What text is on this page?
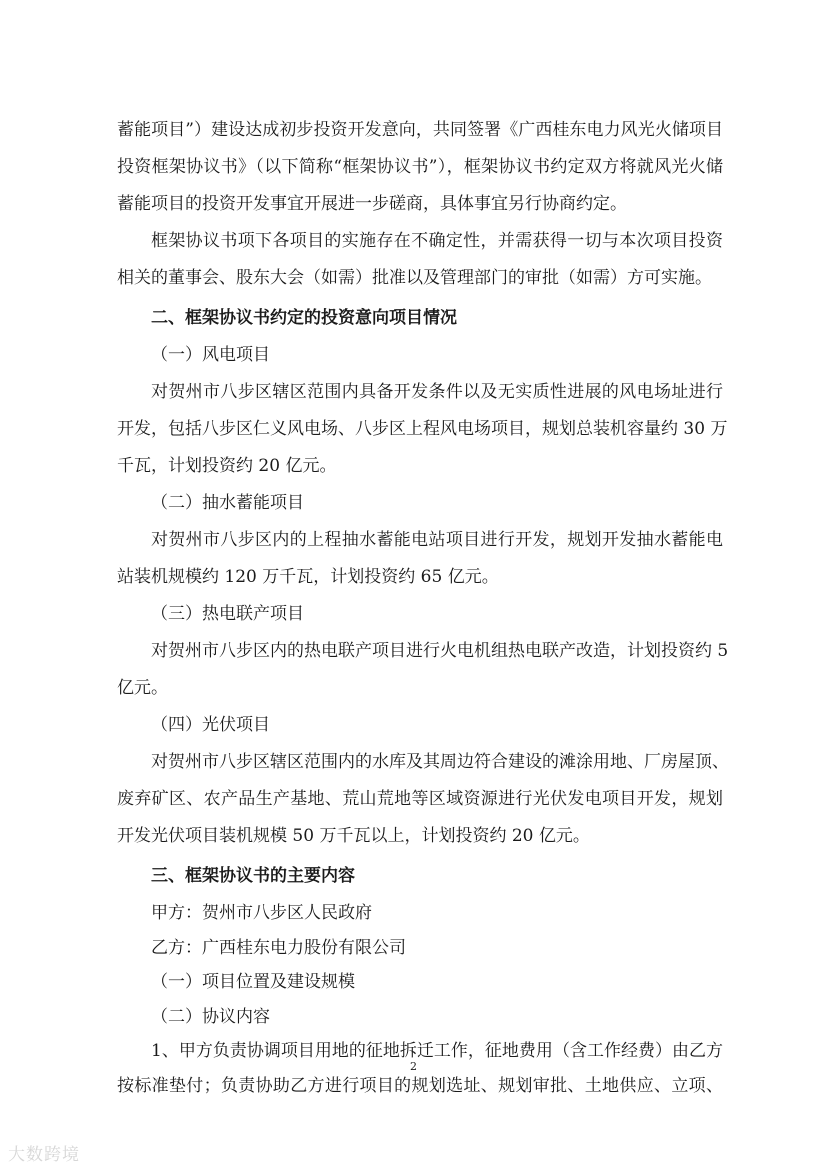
蓄能项目”）建设达成初步投资开发意向，共同签署《广西桂东电力风光火储项目
投资框架协议书》（以下简称“框架协议书”），框架协议书约定双方将就风光火储
蓄能项目的投资开发事宜开展进一步磋商，具体事宜另行协商约定。
框架协议书项下各项目的实施存在不确定性，并需获得一切与本次项目投资
相关的董事会、股东大会（如需）批准以及管理部门的审批（如需）方可实施。
二、框架协议书约定的投资意向项目情况
（一）风电项目
对贺州市八步区辖区范围内具备开发条件以及无实质性进展的风电场址进行
开发，包括八步区仁义风电场、八步区上程风电场项目，规划总装机容量约 30 万
千瓦，计划投资约 20 亿元。
（二）抽水蓄能项目
对贺州市八步区内的上程抽水蓄能电站项目进行开发，规划开发抽水蓄能电
站装机规模约 120 万千瓦，计划投资约 65 亿元。
（三）热电联产项目
对贺州市八步区内的热电联产项目进行火电机组热电联产改造，计划投资约 5
亿元。
（四）光伏项目
对贺州市八步区辖区范围内的水库及其周边符合建设的滩涂用地、厂房屋顶、
废弃矿区、农产品生产基地、荒山荒地等区域资源进行光伏发电项目开发，规划
开发光伏项目装机规模 50 万千瓦以上，计划投资约 20 亿元。
三、框架协议书的主要内容
甲方：贺州市八步区人民政府
乙方：广西桂东电力股份有限公司
（一）项目位置及建设规模
（二）协议内容
1、甲方负责协调项目用地的征地拆迁工作，征地费用（含工作经费）由乙方
按标准垫付；负责协助乙方进行项目的规划选址、规划审批、土地供应、立项、
2
大数跨境
